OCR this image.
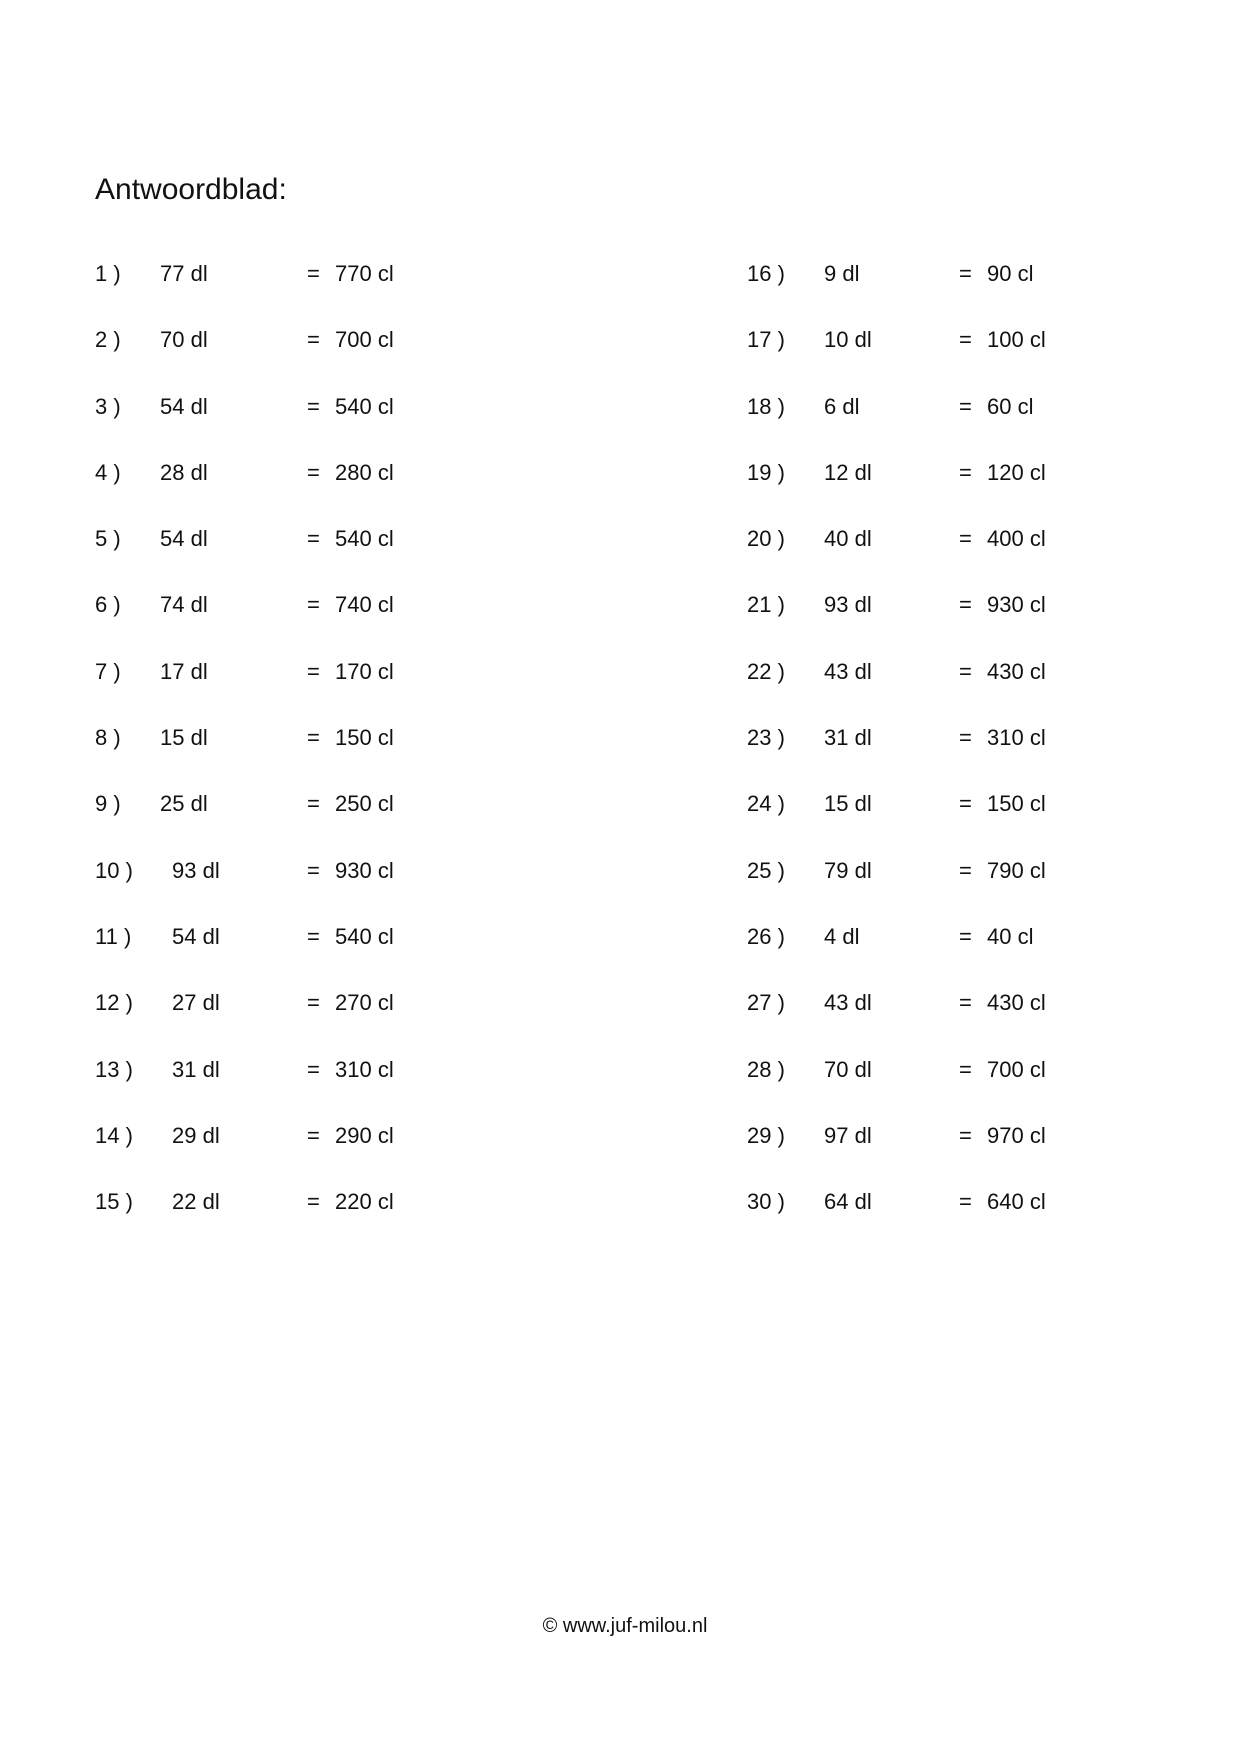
Antwoordblad:
1 ) 77 dl	= 770 cl
2 ) 70 dl	= 700 cl
3 ) 54 dl	= 540 cl
4 ) 28 dl	= 280 cl
5 ) 54 dl	= 540 cl
6 ) 74 dl	= 740 cl
7 ) 17 dl	= 170 cl
8 ) 15 dl	= 150 cl
9 ) 25 dl	= 250 cl
10 ) 93 dl	= 930 cl
11 ) 54 dl	= 540 cl
12 ) 27 dl	= 270 cl
13 ) 31 dl	= 310 cl
14 ) 29 dl	= 290 cl
15 ) 22 dl	= 220 cl
16 ) 9 dl	= 90 cl
17 ) 10 dl	= 100 cl
18 ) 6 dl	= 60 cl
19 ) 12 dl	= 120 cl
20 ) 40 dl	= 400 cl
21 ) 93 dl	= 930 cl
22 ) 43 dl	= 430 cl
23 ) 31 dl	= 310 cl
24 ) 15 dl	= 150 cl
25 ) 79 dl	= 790 cl
26 ) 4 dl	= 40 cl
27 ) 43 dl	= 430 cl
28 ) 70 dl	= 700 cl
29 ) 97 dl	= 970 cl
30 ) 64 dl	= 640 cl
© www.juf-milou.nl
